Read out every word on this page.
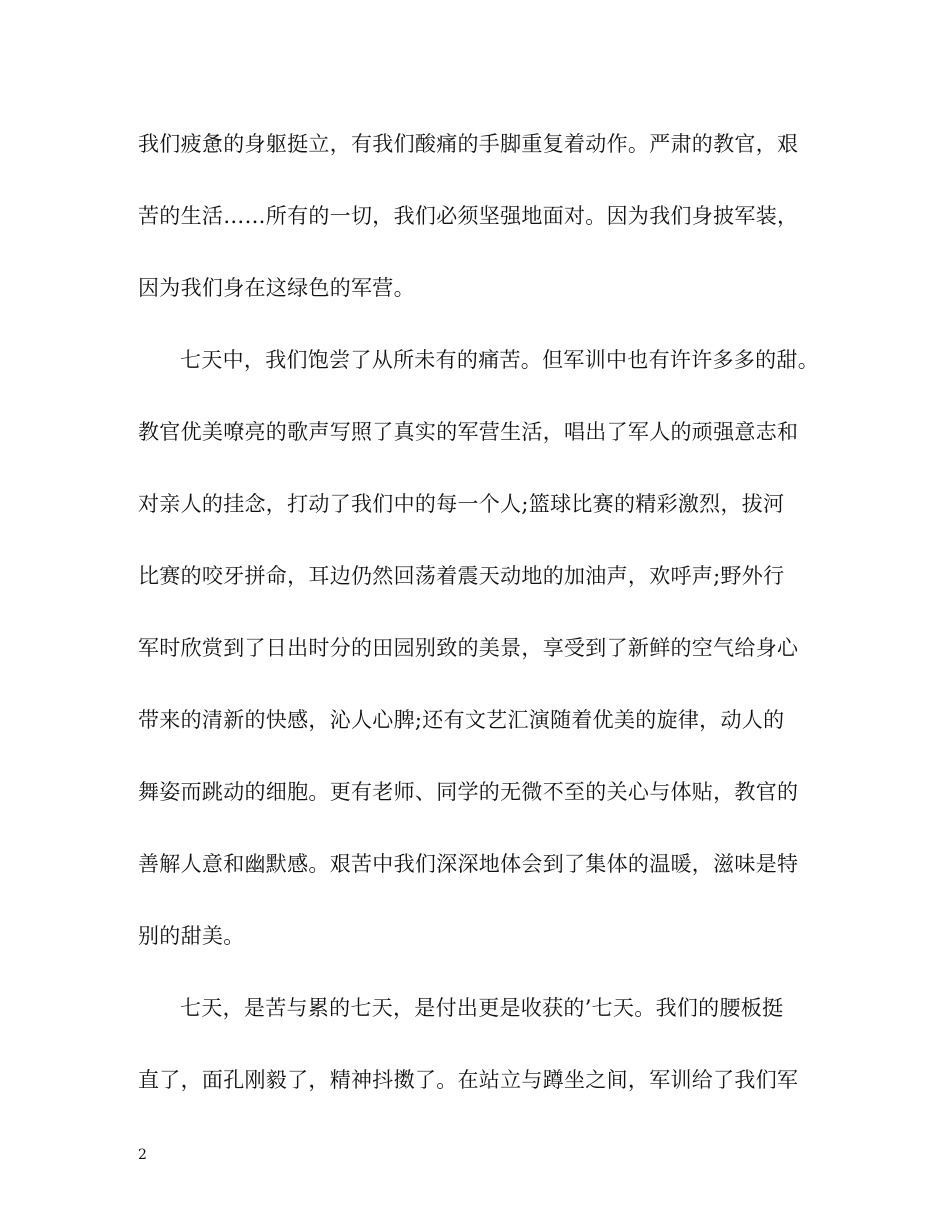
我们疲惫的身躯挺立，有我们酸痛的手脚重复着动作。严肃的教官，艰
苦的生活……所有的一切，我们必须坚强地面对。因为我们身披军装，
因为我们身在这绿色的军营。
七天中，我们饱尝了从所未有的痛苦。但军训中也有许许多多的甜。
教官优美嘹亮的歌声写照了真实的军营生活，唱出了军人的顽强意志和
对亲人的挂念，打动了我们中的每一个人;篮球比赛的精彩激烈，拔河
比赛的咬牙拼命，耳边仍然回荡着震天动地的加油声，欢呼声;野外行
军时欣赏到了日出时分的田园别致的美景，享受到了新鲜的空气给身心
带来的清新的快感，沁人心脾;还有文艺汇演随着优美的旋律，动人的
舞姿而跳动的细胞。更有老师、同学的无微不至的关心与体贴，教官的
善解人意和幽默感。艰苦中我们深深地体会到了集体的温暖，滋味是特
别的甜美。
七天，是苦与累的七天，是付出更是收获的’七天。我们的腰板挺
直了，面孔刚毅了，精神抖擞了。在站立与蹲坐之间，军训给了我们军
2
